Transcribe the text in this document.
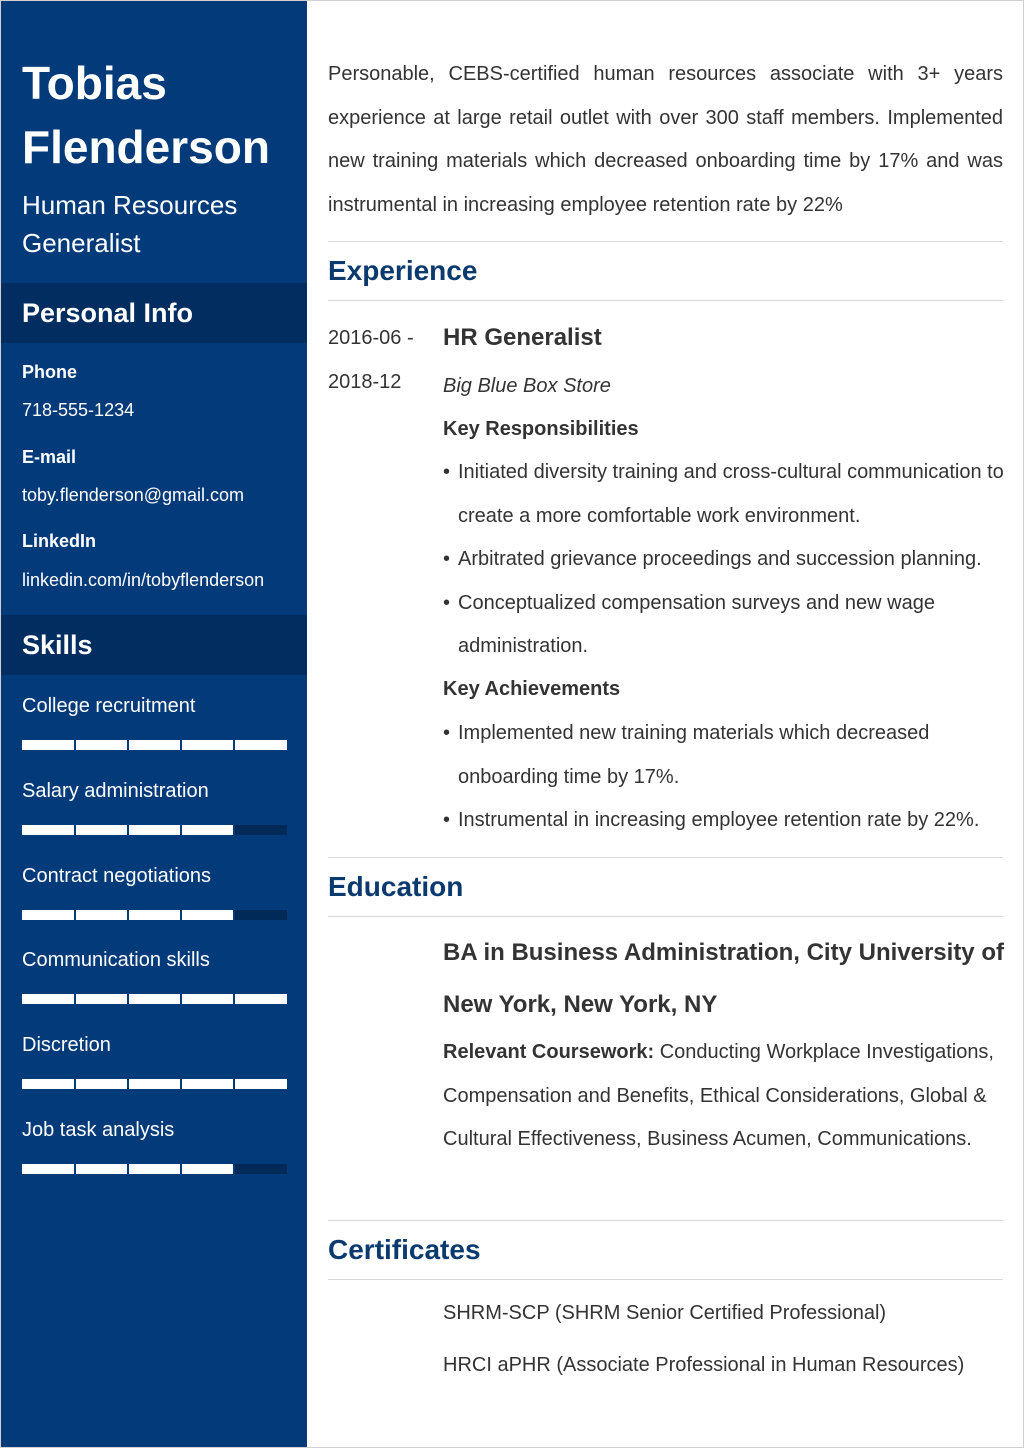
Tobias
Flenderson
Human Resources
Generalist
Personal Info
Phone
718-555-1234
E-mail
toby.flenderson@gmail.com
LinkedIn
linkedin.com/in/tobyflenderson
Skills
College recruitment
Salary administration
Contract negotiations
Communication skills
Discretion
Job task analysis

Personable, CEBS-certified human resources associate with 3+ years experience at large retail outlet with over 300 staff members. Implemented new training materials which decreased onboarding time by 17% and was instrumental in increasing employee retention rate by 22%

Experience
2016-06 -
2018-12
HR Generalist
Big Blue Box Store
Key Responsibilities
• Initiated diversity training and cross-cultural communication to create a more comfortable work environment.
• Arbitrated grievance proceedings and succession planning.
• Conceptualized compensation surveys and new wage administration.
Key Achievements
• Implemented new training materials which decreased onboarding time by 17%.
• Instrumental in increasing employee retention rate by 22%.
Education

BA in Business Administration, City University of New York, New York, NY

Relevant Coursework: Conducting Workplace Investigations, Compensation and Benefits, Ethical Considerations, Global & Cultural Effectiveness, Business Acumen, Communications.

Certificates
SHRM-SCP (SHRM Senior Certified Professional)
HRCI aPHR (Associate Professional in Human Resources)
